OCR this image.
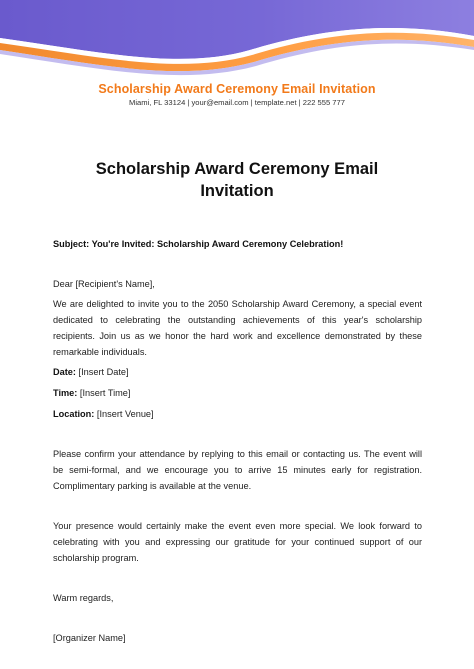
Scholarship Award Ceremony Email Invitation
Miami, FL 33124 | your@email.com | template.net | 222 555 777
Scholarship Award Ceremony Email Invitation

Subject: You're Invited: Scholarship Award Ceremony Celebration!

Dear [Recipient's Name],

We are delighted to invite you to the 2050 Scholarship Award Ceremony, a special event dedicated to celebrating the outstanding achievements of this year's scholarship recipients. Join us as we honor the hard work and excellence demonstrated by these remarkable individuals.

Date: [Insert Date]

Time: [Insert Time]

Location: [Insert Venue]

Please confirm your attendance by replying to this email or contacting us. The event will be semi-formal, and we encourage you to arrive 15 minutes early for registration. Complimentary parking is available at the venue.

Your presence would certainly make the event even more special. We look forward to celebrating with you and expressing our gratitude for your continued support of our scholarship program.

Warm regards,

[Organizer Name]
